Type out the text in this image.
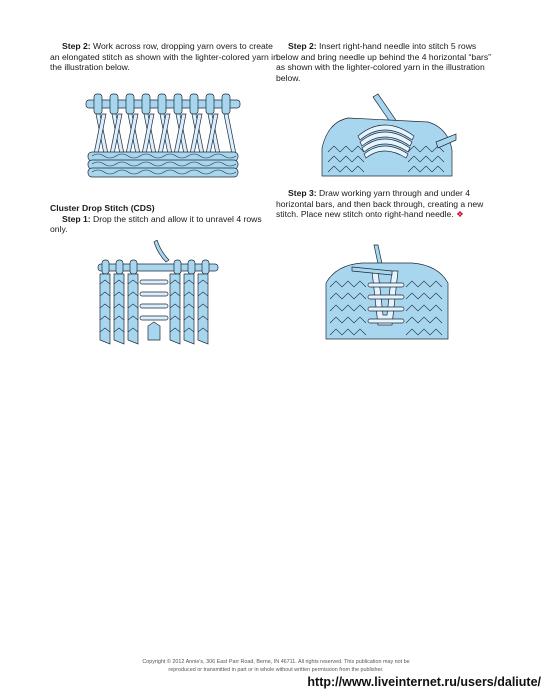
Step 2: Work across row, dropping yarn overs to create an elongated stitch as shown with the lighter-colored yarn in the illustration below.
Cluster Drop Stitch (CDS)
Step 1: Drop the stitch and allow it to unravel 4 rows only.
Step 2: Insert right-hand needle into stitch 5 rows below and bring needle up behind the 4 horizontal “bars” as shown with the lighter-colored yarn in the illustration below.
Step 3: Draw working yarn through and under 4 horizontal bars, and then back through, creating a new stitch. Place new stitch onto right-hand needle. ❖
Copyright © 2012 Annie's, 306 East Parr Road, Berne, IN 46711. All rights reserved. This publication may not be
reproduced or transmitted in part or in whole without written permission from the publisher.
http://www.liveinternet.ru/users/daliute/
